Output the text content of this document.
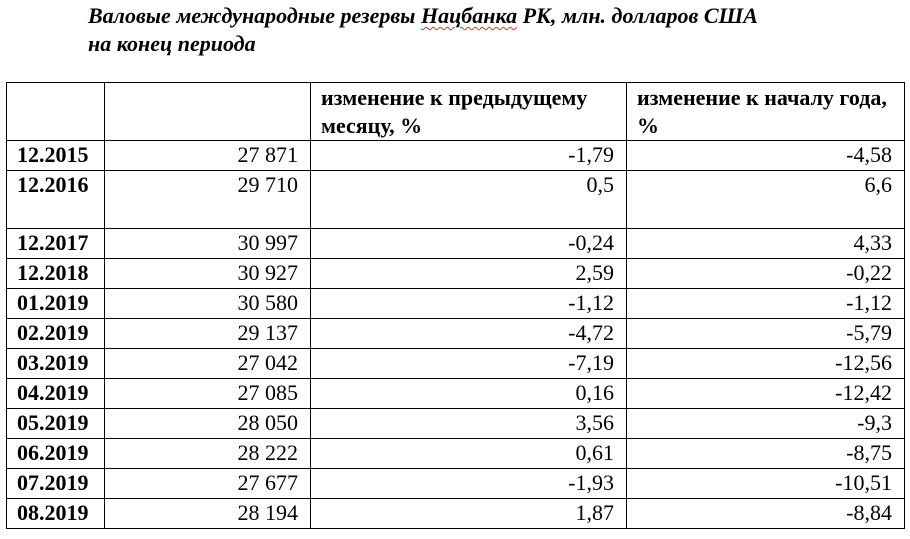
Валовые международные резервы Нацбанка РК, млн. долларов США
на конец периода

		изменение к предыдущему месяцу, %	изменение к началу года, %

12.2015	27 871	-1,79	-4,58
12.2016	29 710	0,5	6,6
12.2017	30 997	-0,24	4,33
12.2018	30 927	2,59	-0,22
01.2019	30 580	-1,12	-1,12
02.2019	29 137	-4,72	-5,79
03.2019	27 042	-7,19	-12,56
04.2019	27 085	0,16	-12,42
05.2019	28 050	3,56	-9,3
06.2019	28 222	0,61	-8,75
07.2019	27 677	-1,93	-10,51
08.2019	28 194	1,87	-8,84
